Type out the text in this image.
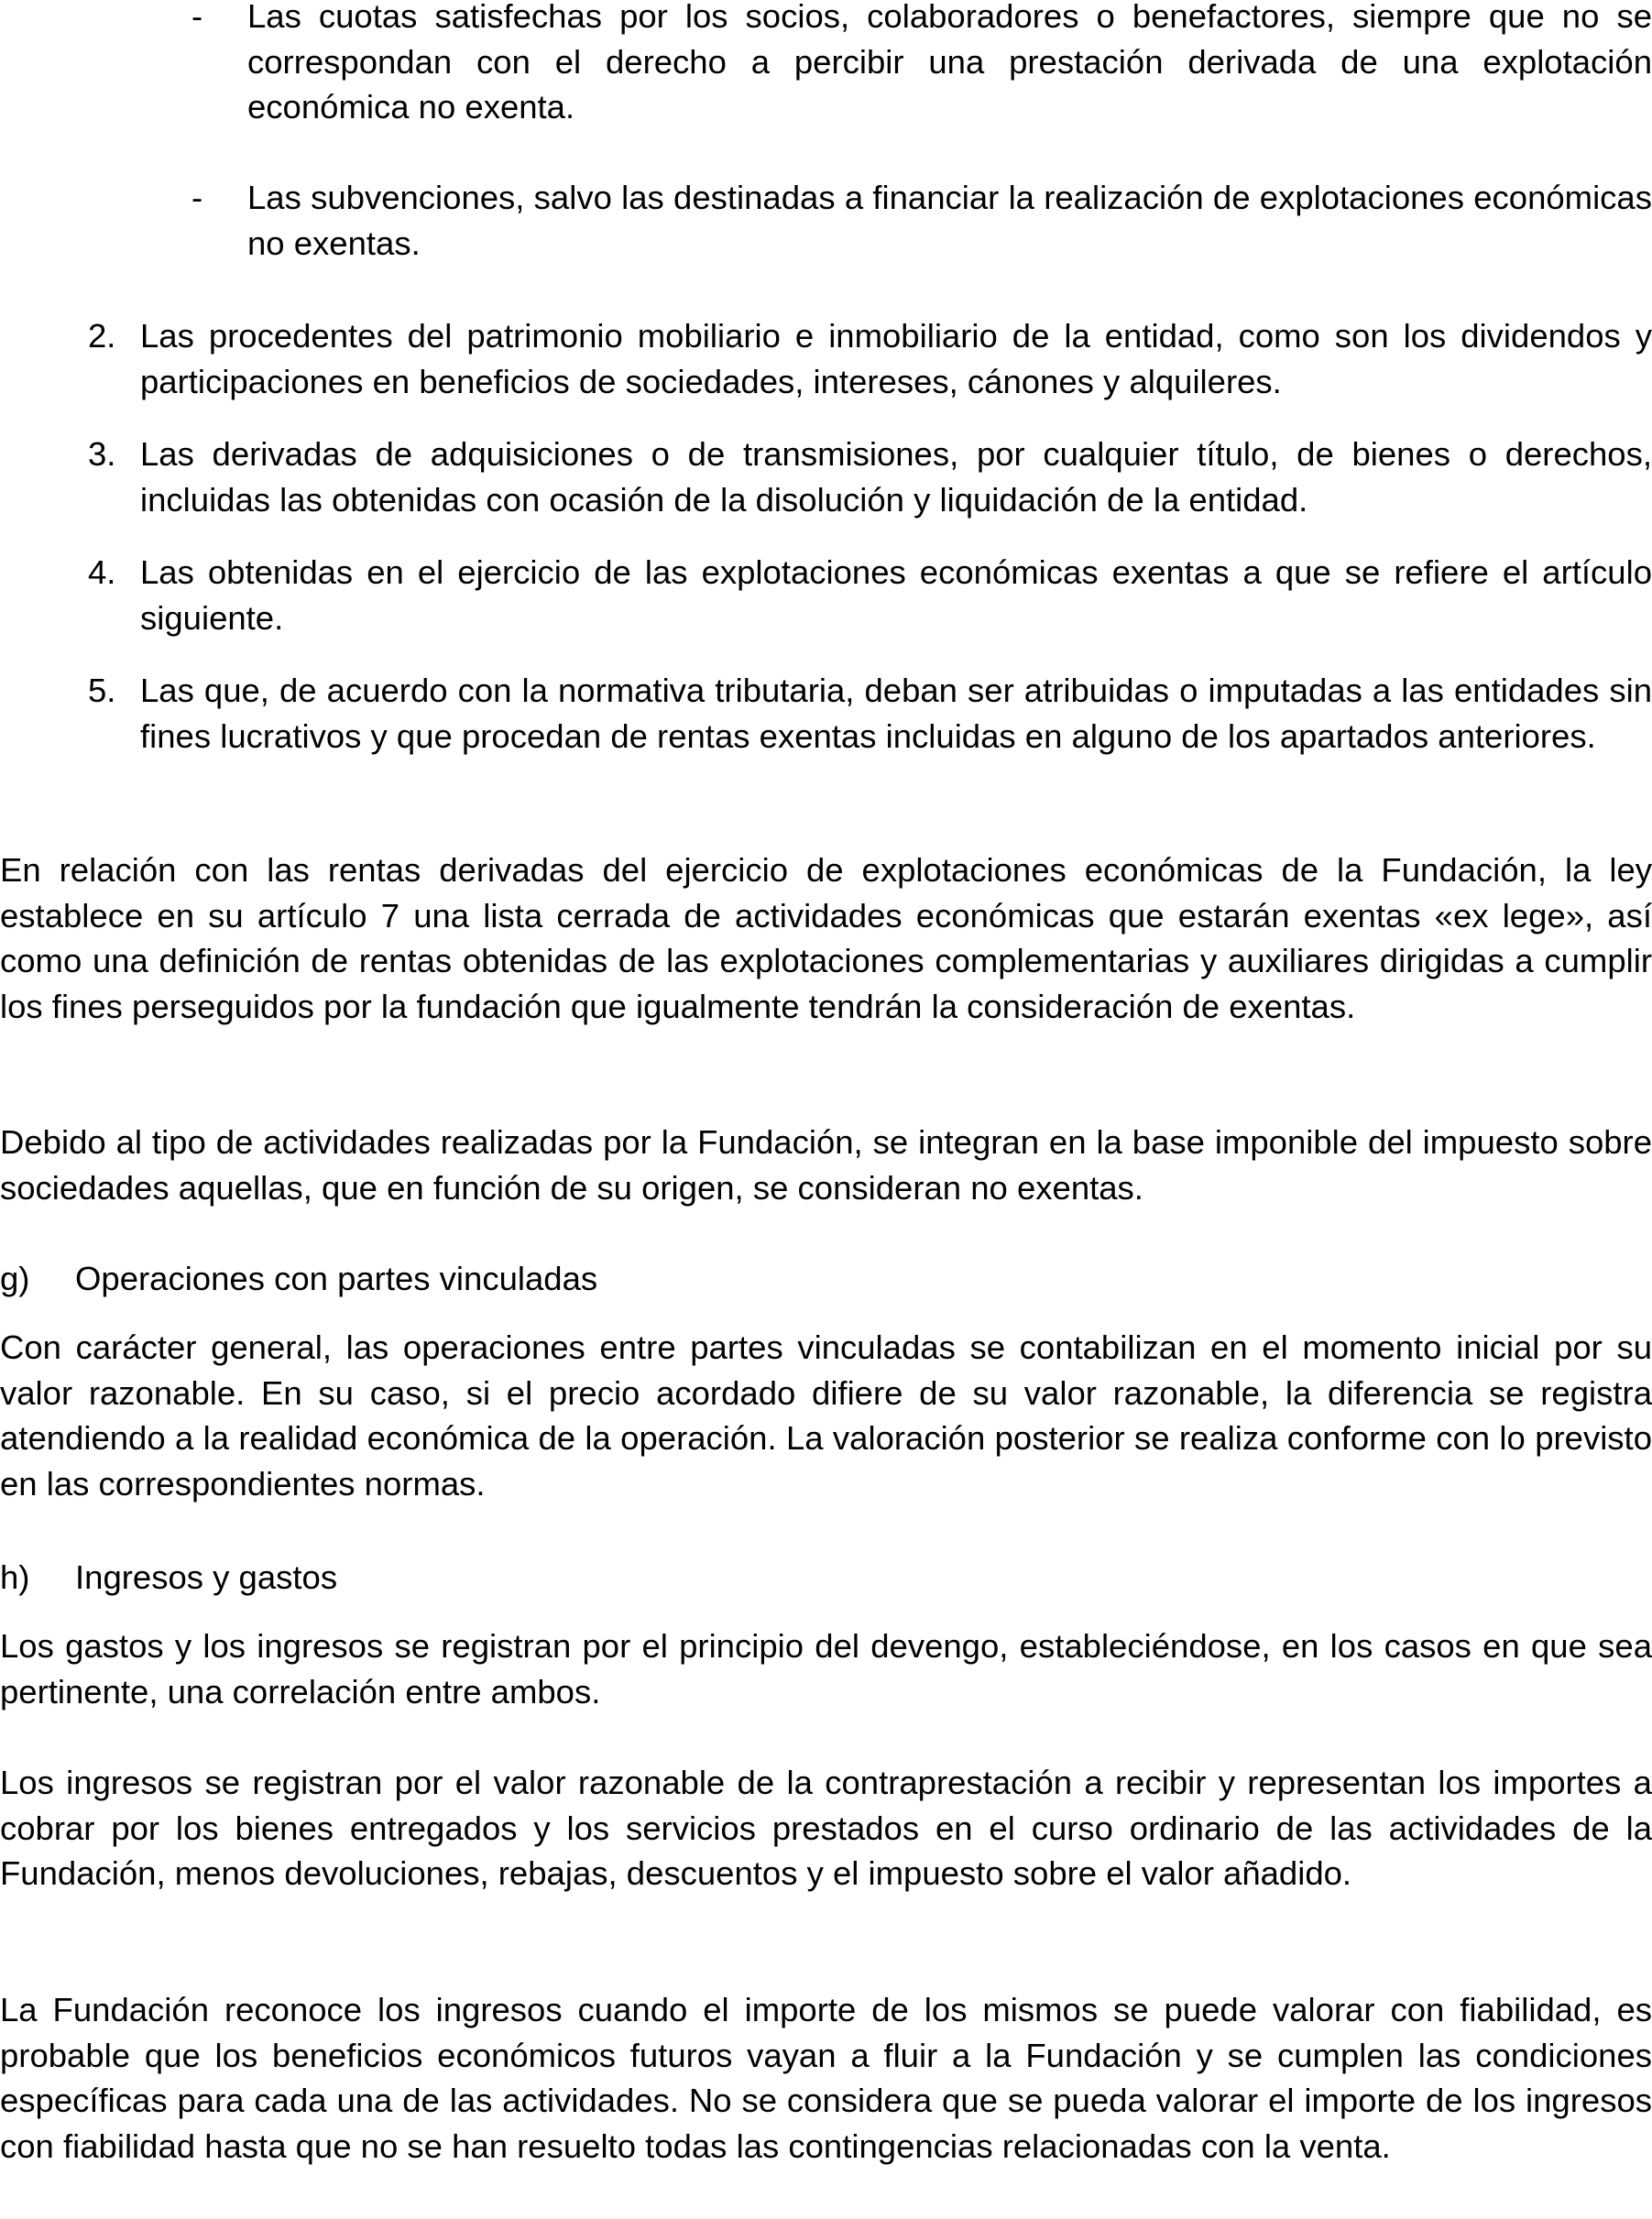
- Las cuotas satisfechas por los socios, colaboradores o benefactores, siempre que no se correspondan con el derecho a percibir una prestación derivada de una explotación económica no exenta.

- Las subvenciones, salvo las destinadas a financiar la realización de explotaciones económicas no exentas.

2. Las procedentes del patrimonio mobiliario e inmobiliario de la entidad, como son los dividendos y participaciones en beneficios de sociedades, intereses, cánones y alquileres.

3. Las derivadas de adquisiciones o de transmisiones, por cualquier título, de bienes o derechos, incluidas las obtenidas con ocasión de la disolución y liquidación de la entidad.

4. Las obtenidas en el ejercicio de las explotaciones económicas exentas a que se refiere el artículo siguiente.

5. Las que, de acuerdo con la normativa tributaria, deban ser atribuidas o imputadas a las entidades sin fines lucrativos y que procedan de rentas exentas incluidas en alguno de los apartados anteriores.

En relación con las rentas derivadas del ejercicio de explotaciones económicas de la Fundación, la ley establece en su artículo 7 una lista cerrada de actividades económicas que estarán exentas «ex lege», así como una definición de rentas obtenidas de las explotaciones complementarias y auxiliares dirigidas a cumplir los fines perseguidos por la fundación que igualmente tendrán la consideración de exentas.

Debido al tipo de actividades realizadas por la Fundación, se integran en la base imponible del impuesto sobre sociedades aquellas, que en función de su origen, se consideran no exentas.

g) Operaciones con partes vinculadas

Con carácter general, las operaciones entre partes vinculadas se contabilizan en el momento inicial por su valor razonable. En su caso, si el precio acordado difiere de su valor razonable, la diferencia se registra atendiendo a la realidad económica de la operación. La valoración posterior se realiza conforme con lo previsto en las correspondientes normas.

h) Ingresos y gastos

Los gastos y los ingresos se registran por el principio del devengo, estableciéndose, en los casos en que sea pertinente, una correlación entre ambos.

Los ingresos se registran por el valor razonable de la contraprestación a recibir y representan los importes a cobrar por los bienes entregados y los servicios prestados en el curso ordinario de las actividades de la Fundación, menos devoluciones, rebajas, descuentos y el impuesto sobre el valor añadido.

La Fundación reconoce los ingresos cuando el importe de los mismos se puede valorar con fiabilidad, es probable que los beneficios económicos futuros vayan a fluir a la Fundación y se cumplen las condiciones específicas para cada una de las actividades. No se considera que se pueda valorar el importe de los ingresos con fiabilidad hasta que no se han resuelto todas las contingencias relacionadas con la venta.
